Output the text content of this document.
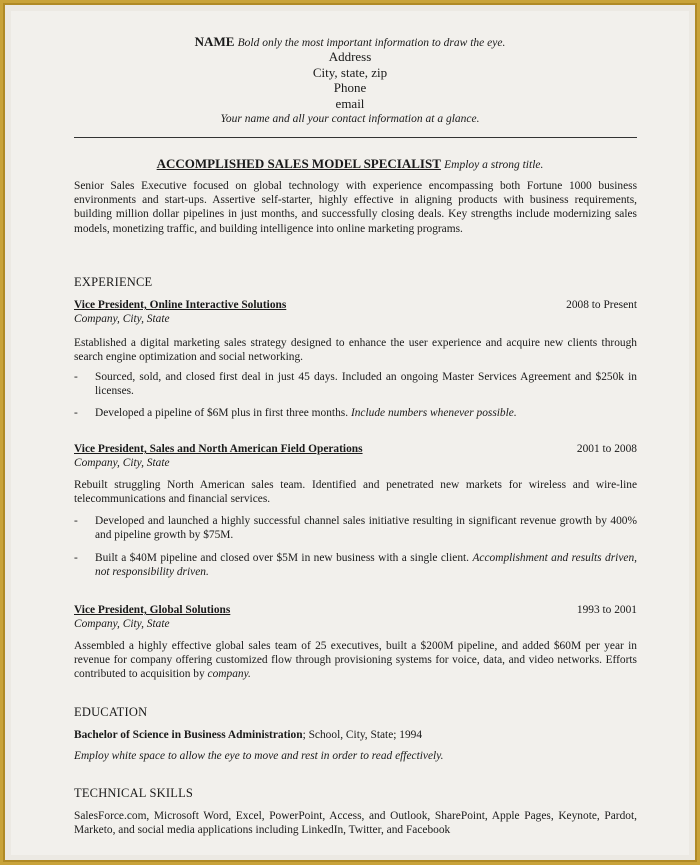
NAME Bold only the most important information to draw the eye.
Address
City, state, zip
Phone
email
Your name and all your contact information at a glance.
ACCOMPLISHED SALES MODEL SPECIALIST Employ a strong title.
Senior Sales Executive focused on global technology with experience encompassing both Fortune 1000 business environments and start-ups. Assertive self-starter, highly effective in aligning products with business requirements, building million dollar pipelines in just months, and successfully closing deals. Key strengths include modernizing sales models, monetizing traffic, and building intelligence into online marketing programs.
EXPERIENCE
Vice President, Online Interactive Solutions	2008 to Present
Company, City, State
Established a digital marketing sales strategy designed to enhance the user experience and acquire new clients through search engine optimization and social networking.
- Sourced, sold, and closed first deal in just 45 days. Included an ongoing Master Services Agreement and $250k in licenses.
- Developed a pipeline of $6M plus in first three months. Include numbers whenever possible.
Vice President, Sales and North American Field Operations	2001 to 2008
Company, City, State
Rebuilt struggling North American sales team. Identified and penetrated new markets for wireless and wire-line telecommunications and financial services.
- Developed and launched a highly successful channel sales initiative resulting in significant revenue growth by 400% and pipeline growth by $75M.
- Built a $40M pipeline and closed over $5M in new business with a single client. Accomplishment and results driven, not responsibility driven.
Vice President, Global Solutions	1993 to 2001
Company, City, State
Assembled a highly effective global sales team of 25 executives, built a $200M pipeline, and added $60M per year in revenue for company offering customized flow through provisioning systems for voice, data, and video networks. Efforts contributed to acquisition by company.
EDUCATION
Bachelor of Science in Business Administration; School, City, State; 1994
Employ white space to allow the eye to move and rest in order to read effectively.
TECHNICAL SKILLS
SalesForce.com, Microsoft Word, Excel, PowerPoint, Access, and Outlook, SharePoint, Apple Pages, Keynote, Pardot, Marketo, and social media applications including LinkedIn, Twitter, and Facebook
